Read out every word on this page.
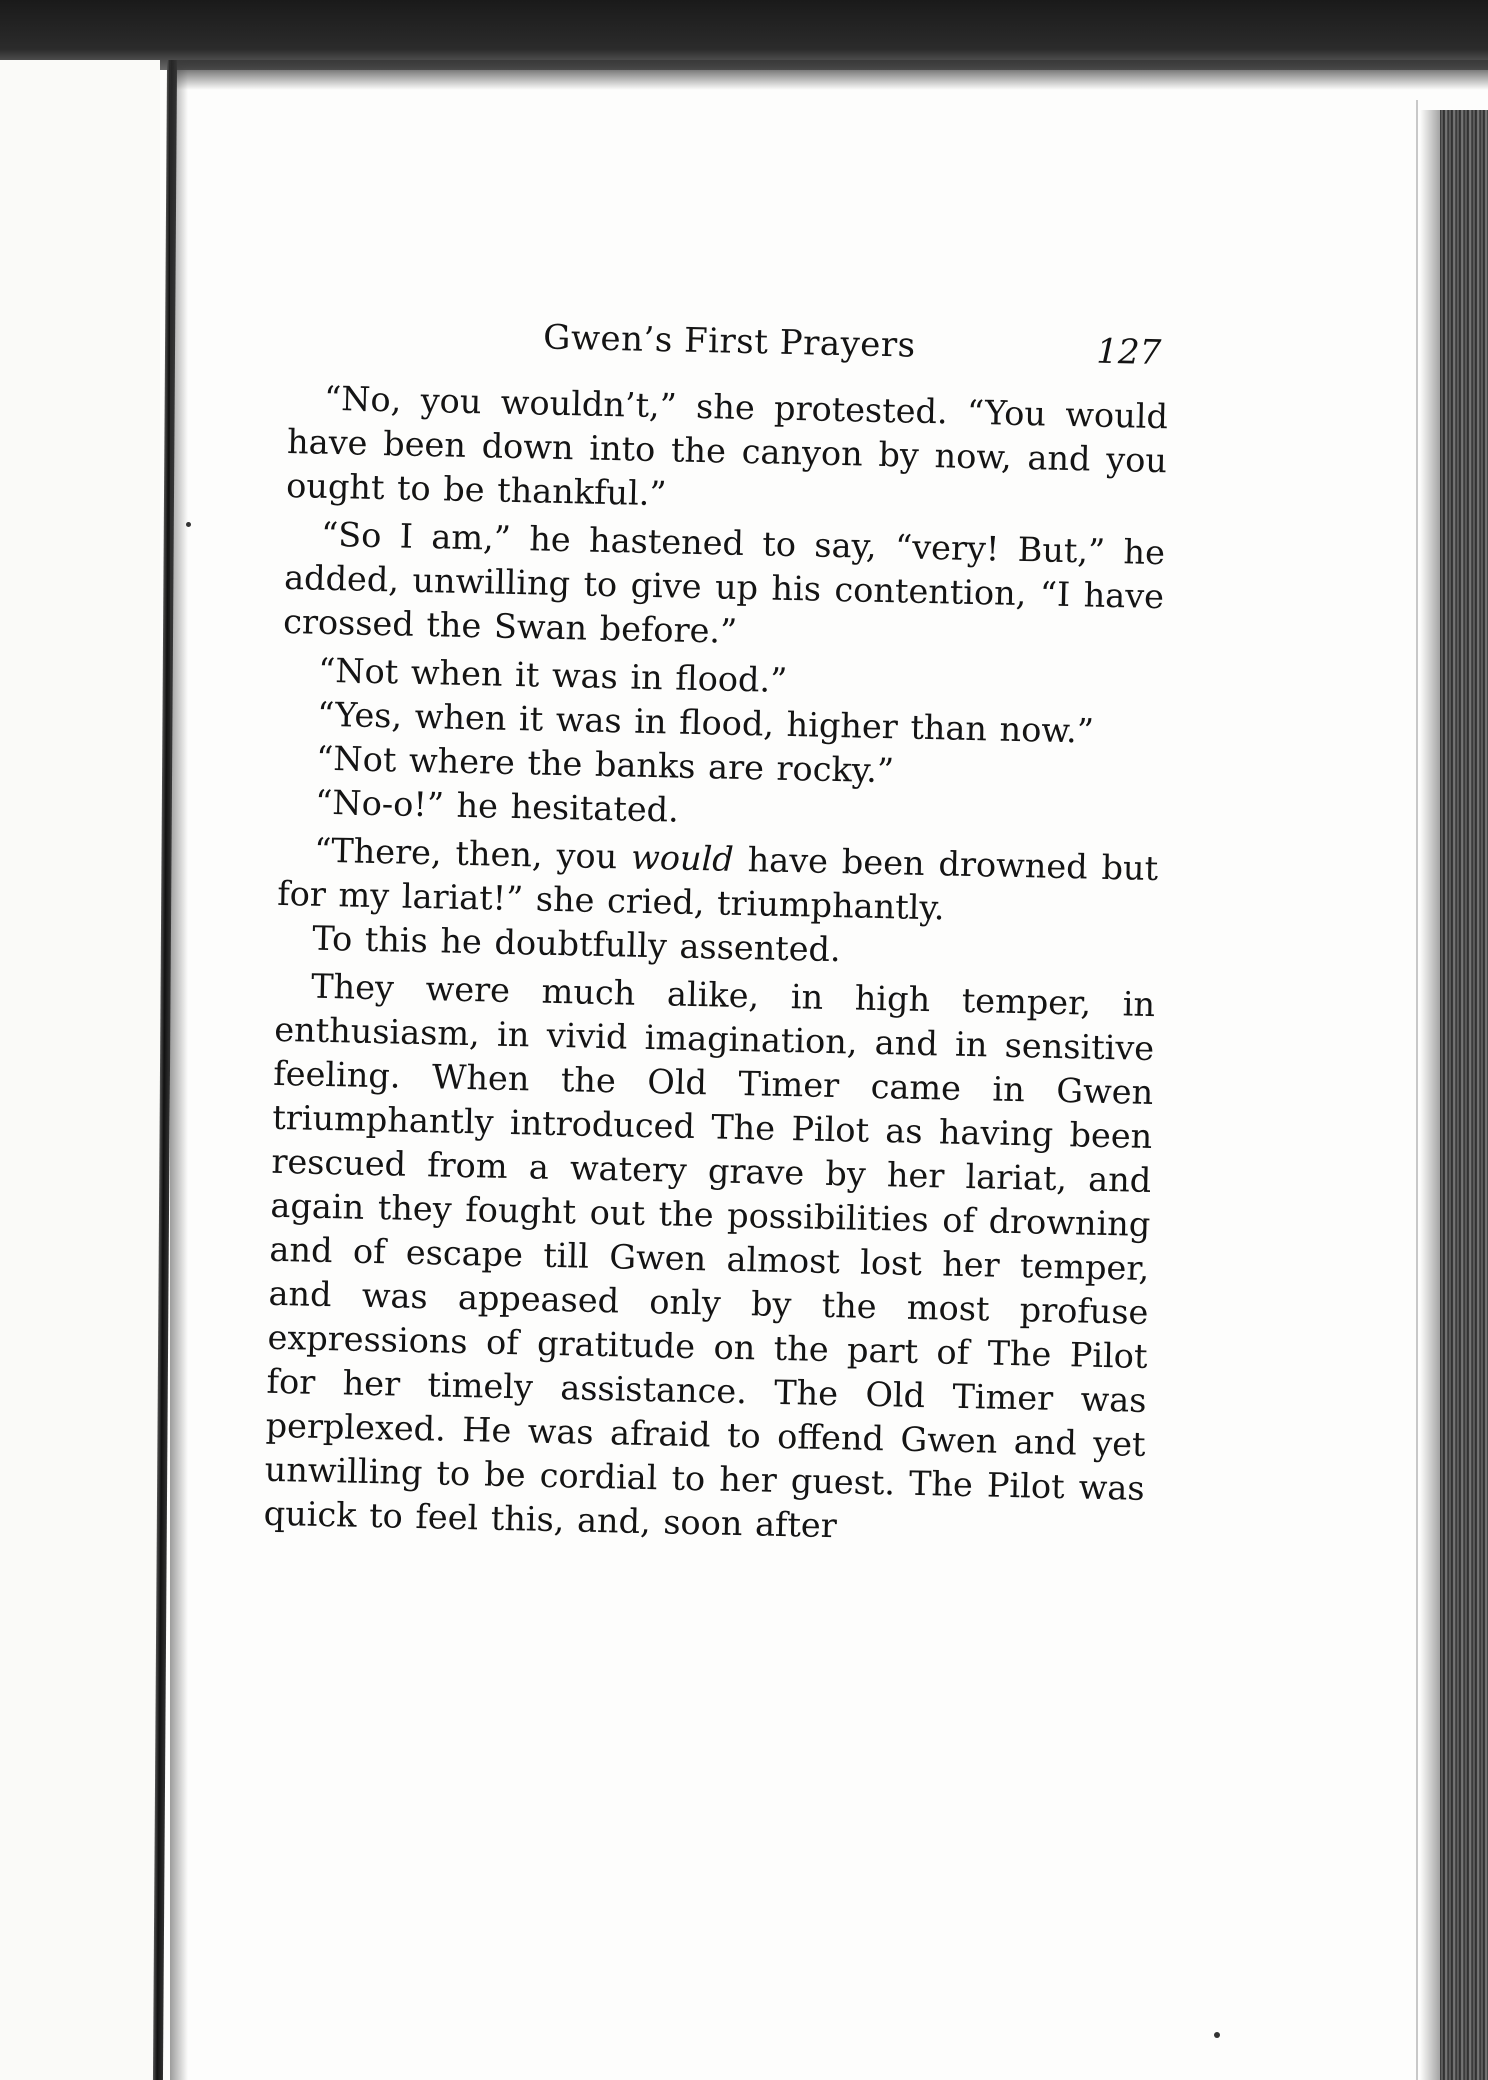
Gwen’s First Prayers	127

“No, you wouldn’t,” she protested. “You would have been down into the canyon by now, and you ought to be thankful.”

“So I am,” he hastened to say, “very! But,” he added, unwilling to give up his contention, “I have crossed the Swan before.”

“Not when it was in flood.”

“Yes, when it was in flood, higher than now.”

“Not where the banks are rocky.”

“No-o!” he hesitated.

“There, then, you would have been drowned but for my lariat!” she cried, triumphantly.

To this he doubtfully assented.

They were much alike, in high temper, in enthusiasm, in vivid imagination, and in sensitive feeling. When the Old Timer came in Gwen triumphantly introduced The Pilot as having been rescued from a watery grave by her lariat, and again they fought out the possibilities of drowning and of escape till Gwen almost lost her temper, and was appeased only by the most profuse expressions of gratitude on the part of The Pilot for her timely assistance. The Old Timer was perplexed. He was afraid to offend Gwen and yet unwilling to be cordial to her guest. The Pilot was quick to feel this, and, soon after
